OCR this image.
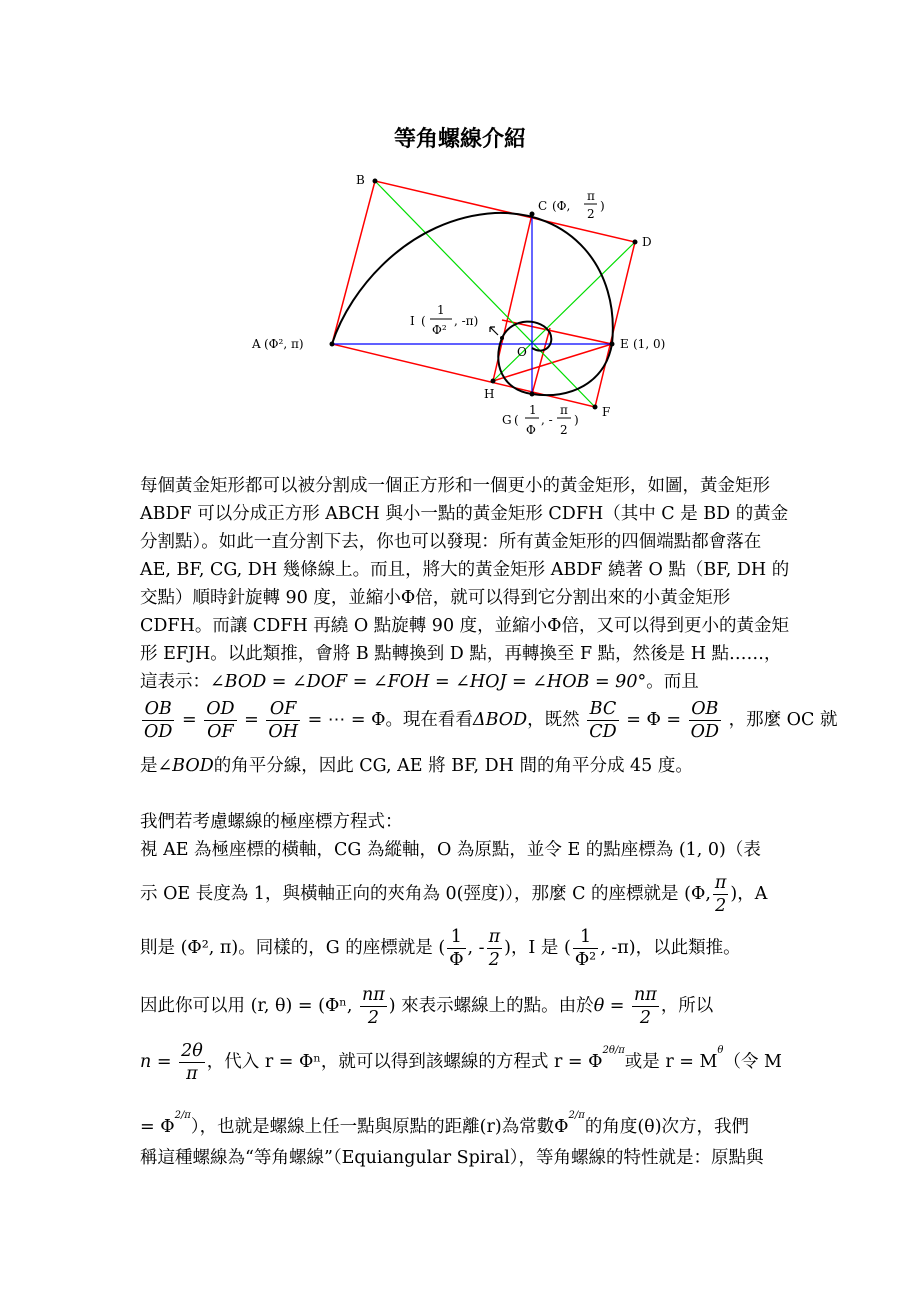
等角螺線介紹
B
C (Φ,
π
2
)
D
A (Φ², π)	E (1, 0)
O
H
F
I (
1
Φ²
, -π)
G (
1
Φ
, -
π
2
)
每個黃金矩形都可以被分割成一個正方形和一個更小的黃金矩形，如圖，黃金矩形 ABDF 可以分成正方形 ABCH 與小一點的黃金矩形 CDFH（其中 C 是 BD 的黃金分割點）。如此一直分割下去，你也可以發現：所有黃金矩形的四個端點都會落在 AE, BF, CG, DH 幾條線上。而且，將大的黃金矩形 ABDF 繞著 O 點（BF, DH 的交點）順時針旋轉 90 度，並縮小Φ倍，就可以得到它分割出來的小黃金矩形 CDFH。而讓 CDFH 再繞 O 點旋轉 90 度，並縮小Φ倍，又可以得到更小的黃金矩形 EFJH。以此類推，會將 B 點轉換到 D 點，再轉換至 F 點，然後是 H 點……，這表示：∠BOD = ∠DOF = ∠FOH = ∠HOJ = ∠HOB = 90°。而且
$\frac{OB}{OD} = \frac{OD}{OF} = \frac{OF}{OH}$ = ⋯ = Φ。現在看看ΔBOD，既然 $\frac{BC}{CD} = \Phi = \frac{OB}{OD}$ ，那麼 OC 就
是∠BOD的角平分線，因此 CG, AE 將 BF, DH 間的角平分成 45 度。
我們若考慮螺線的極座標方程式：
視 AE 為極座標的橫軸，CG 為縱軸，O 為原點，並令 E 的點座標為 (1, 0)（表
示 OE 長度為 1，與橫軸正向的夾角為 0(弳度)），那麼 C 的座標就是 (Φ, $\frac{\pi}{2}$ )，A
則是 (Φ², π)。同樣的，G 的座標就是 ( $\frac{1}{\Phi}$ , - $\frac{\pi}{2}$ )，I 是 ( $\frac{1}{\text{Φ²}}$ , -π)，以此類推。
因此你可以用 (r, θ) = (Φⁿ, $\frac{n\pi}{2}$ ) 來表示螺線上的點。由於$\theta = \frac{n\pi}{2}$ ，所以
$n = \frac{2\theta}{\pi}$ ，代入 r = Φⁿ，就可以得到該螺線的方程式 $r = \Phi^{2\theta/\pi}$或是 $r = M^\theta$（令 M
= $\Phi^{2/\pi}$），也就是螺線上任一點與原點的距離(r)為常數$\Phi^{2/\pi}$的角度(θ)次方，我們
稱這種螺線為“等角螺線”（Equiangular Spiral），等角螺線的特性就是：原點與
